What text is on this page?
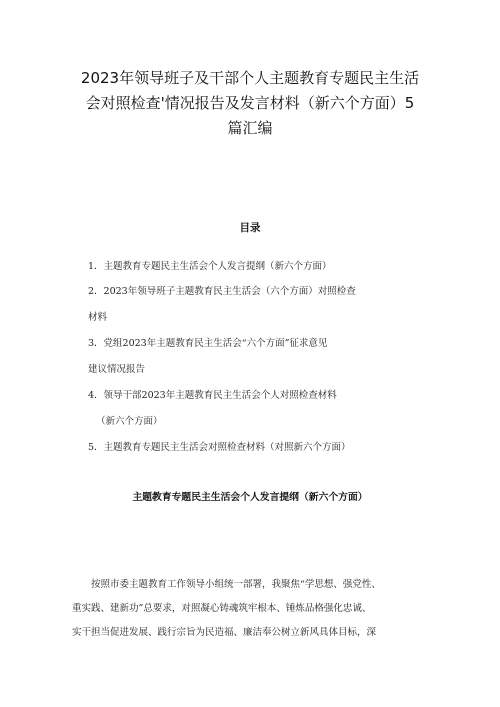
2023年领导班子及干部个人主题教育专题民主生活
会对照检查'情况报告及发言材料（新六个方面）5
篇汇编
目录
1．主题教育专题民主生活会个人发言提纲（新六个方面）
2．2023年领导班子主题教育民主生活会（六个方面）对照检查
材料
3．党组2023年主题教育民主生活会“六个方面”征求意见
建议情况报告
4．领导干部2023年主题教育民主生活会个人对照检查材料
（新六个方面）
5．主题教育专题民主生活会对照检查材料（对照新六个方面）
主题教育专题民主生活会个人发言提纲（新六个方面）
按照市委主题教育工作领导小组统一部署，我聚焦“学思想、强党性、
重实践、建新功”总要求，对照凝心铸魂筑牢根本、锤炼品格强化忠诚、
实干担当促进发展、践行宗旨为民造福、廉洁奉公树立新风具体目标，深
